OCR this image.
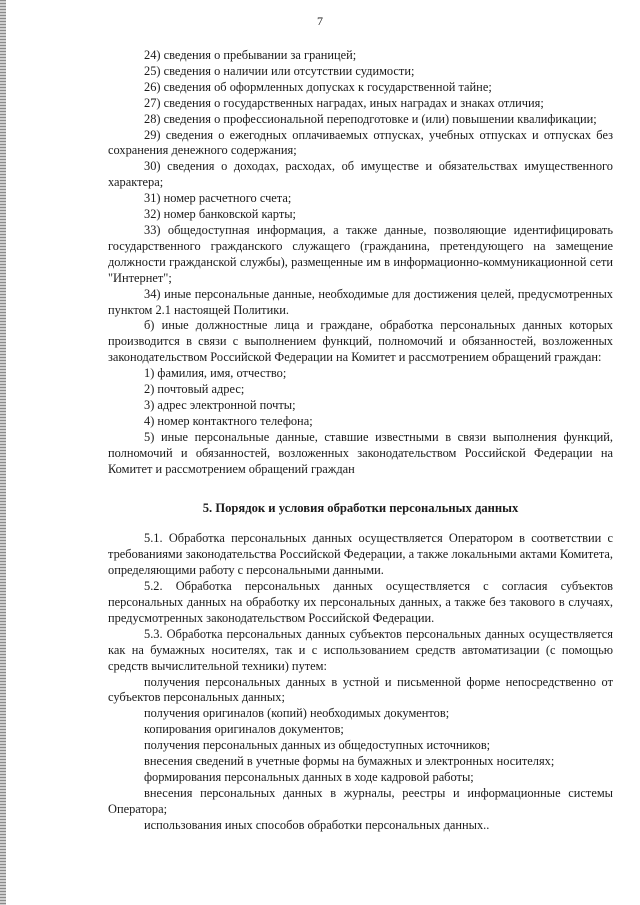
7

24) сведения о пребывании за границей;

25) сведения о наличии или отсутствии судимости;

26) сведения об оформленных допусках к государственной тайне;

27) сведения о государственных наградах, иных наградах и знаках отличия;

28) сведения о профессиональной переподготовке и (или) повышении квалификации;

29) сведения о ежегодных оплачиваемых отпусках, учебных отпусках и отпусках без сохранения денежного содержания;

30) сведения о доходах, расходах, об имуществе и обязательствах имущественного характера;

31) номер расчетного счета;

32) номер банковской карты;

33) общедоступная информация, а также данные, позволяющие идентифицировать государственного гражданского служащего (гражданина, претендующего на замещение должности гражданской службы), размещенные им в информационно-коммуникационной сети "Интернет";

34) иные персональные данные, необходимые для достижения целей, предусмотренных пунктом 2.1 настоящей Политики.

б) иные должностные лица и граждане, обработка персональных данных которых производится в связи с выполнением функций, полномочий и обязанностей, возложенных законодательством Российской Федерации на Комитет и рассмотрением обращений граждан:

1) фамилия, имя, отчество;

2) почтовый адрес;

3) адрес электронной почты;

4) номер контактного телефона;

5) иные персональные данные, ставшие известными в связи выполнения функций, полномочий и обязанностей, возложенных законодательством Российской Федерации на Комитет и рассмотрением обращений граждан

5. Порядок и условия обработки персональных данных

5.1. Обработка персональных данных осуществляется Оператором в соответствии с требованиями законодательства Российской Федерации, а также локальными актами Комитета, определяющими работу с персональными данными.

5.2. Обработка персональных данных осуществляется с согласия субъектов персональных данных на обработку их персональных данных, а также без такового в случаях, предусмотренных законодательством Российской Федерации.

5.3. Обработка персональных данных субъектов персональных данных осуществляется как на бумажных носителях, так и с использованием средств автоматизации (с помощью средств вычислительной техники) путем:

получения персональных данных в устной и письменной форме непосредственно от субъектов персональных данных;

получения оригиналов (копий) необходимых документов;

копирования оригиналов документов;

получения персональных данных из общедоступных источников;

внесения сведений в учетные формы на бумажных и электронных носителях;

формирования персональных данных в ходе кадровой работы;

внесения персональных данных в журналы, реестры и информационные системы Оператора;

использования иных способов обработки персональных данных..
